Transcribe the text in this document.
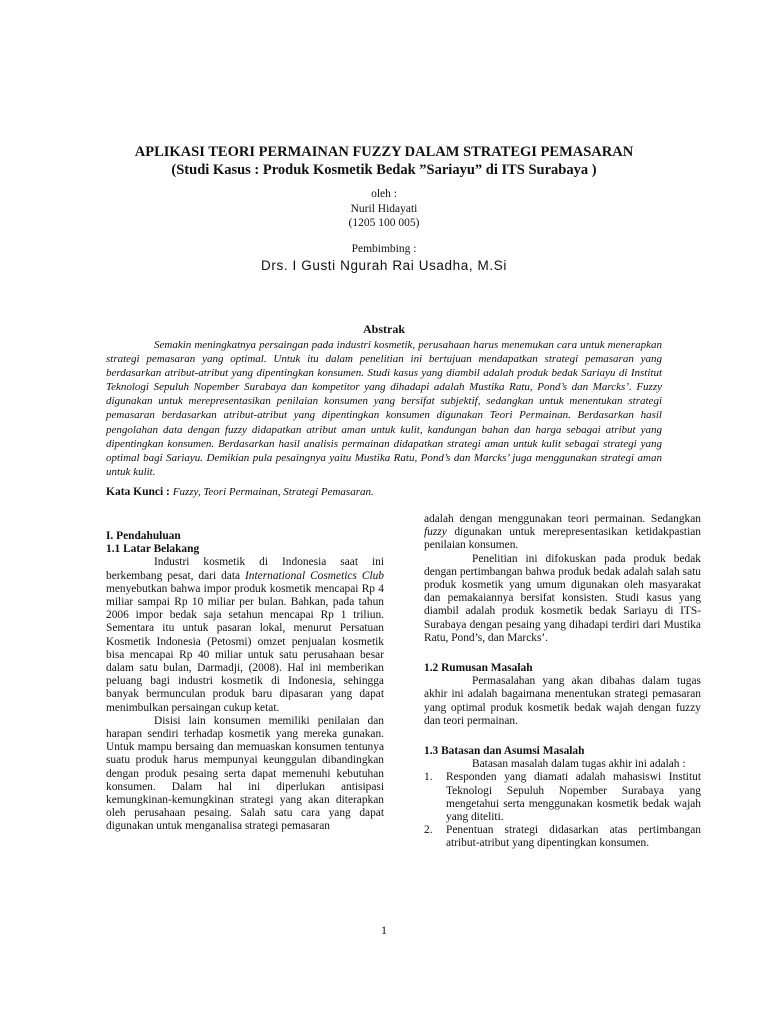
APLIKASI TEORI PERMAINAN FUZZY DALAM STRATEGI PEMASARAN
(Studi Kasus : Produk Kosmetik Bedak ”Sariayu” di ITS Surabaya )
oleh :
Nuril Hidayati
(1205 100 005)
Pembimbing :
Drs. I Gusti Ngurah Rai Usadha, M.Si
Abstrak
Semakin meningkatnya persaingan pada industri kosmetik, perusahaan harus menemukan cara untuk menerapkan strategi pemasaran yang optimal. Untuk itu dalam penelitian ini bertujuan mendapatkan strategi pemasaran yang berdasarkan atribut-atribut yang dipentingkan konsumen. Studi kasus yang diambil adalah produk bedak Sariayu di Institut Teknologi Sepuluh Nopember Surabaya dan kompetitor yang dihadapi adalah Mustika Ratu, Pond’s dan Marcks’. Fuzzy digunakan untuk merepresentasikan penilaian konsumen yang bersifat subjektif, sedangkan untuk menentukan strategi pemasaran berdasarkan atribut-atribut yang dipentingkan konsumen digunakan Teori Permainan. Berdasarkan hasil pengolahan data dengan fuzzy didapatkan atribut aman untuk kulit, kandungan bahan dan harga sebagai atribut yang dipentingkan konsumen. Berdasarkan hasil analisis permainan didapatkan strategi aman untuk kulit sebagai strategi yang optimal bagi Sariayu. Demikian pula pesaingnya yaitu Mustika Ratu, Pond’s dan Marcks’ juga menggunakan strategi aman untuk kulit.
Kata Kunci : Fuzzy, Teori Permainan, Strategi Pemasaran.

I. Pendahuluan

1.1 Latar Belakang

Industri kosmetik di Indonesia saat ini berkembang pesat, dari data International Cosmetics Club menyebutkan bahwa impor produk kosmetik mencapai Rp 4 miliar sampai Rp 10 miliar per bulan. Bahkan, pada tahun 2006 impor bedak saja setahun mencapai Rp 1 triliun. Sementara itu untuk pasaran lokal, menurut Persatuan Kosmetik Indonesia (Petosmi) omzet penjualan kosmetik bisa mencapai Rp 40 miliar untuk satu perusahaan besar dalam satu bulan, Darmadji, (2008). Hal ini memberikan peluang bagi industri kosmetik di Indonesia, sehingga banyak bermunculan produk baru dipasaran yang dapat menimbulkan persaingan cukup ketat.

Disisi lain konsumen memiliki penilaian dan harapan sendiri terhadap kosmetik yang mereka gunakan. Untuk mampu bersaing dan memuaskan konsumen tentunya suatu produk harus mempunyai keunggulan dibandingkan dengan produk pesaing serta dapat memenuhi kebutuhan konsumen. Dalam hal ini diperlukan antisipasi kemungkinan-kemungkinan strategi yang akan diterapkan oleh perusahaan pesaing. Salah satu cara yang dapat digunakan untuk menganalisa strategi pemasaran

adalah dengan menggunakan teori permainan. Sedangkan fuzzy digunakan untuk merepresentasikan ketidakpastian penilaian konsumen.

Penelitian ini difokuskan pada produk bedak dengan pertimbangan bahwa produk bedak adalah salah satu produk kosmetik yang umum digunakan oleh masyarakat dan pemakaiannya bersifat konsisten. Studi kasus yang diambil adalah produk kosmetik bedak Sariayu di ITS-Surabaya dengan pesaing yang dihadapi terdiri dari Mustika Ratu, Pond’s, dan Marcks’.

1.2 Rumusan Masalah

Permasalahan yang akan dibahas dalam tugas akhir ini adalah bagaimana menentukan strategi pemasaran yang optimal produk kosmetik bedak wajah dengan fuzzy dan teori permainan.

1.3 Batasan dan Asumsi Masalah

Batasan masalah dalam tugas akhir ini adalah :

1. Responden yang diamati adalah mahasiswi Institut Teknologi Sepuluh Nopember Surabaya yang mengetahui serta menggunakan kosmetik bedak wajah yang diteliti.
2. Penentuan strategi didasarkan atas pertimbangan atribut-atribut yang dipentingkan konsumen.
1
